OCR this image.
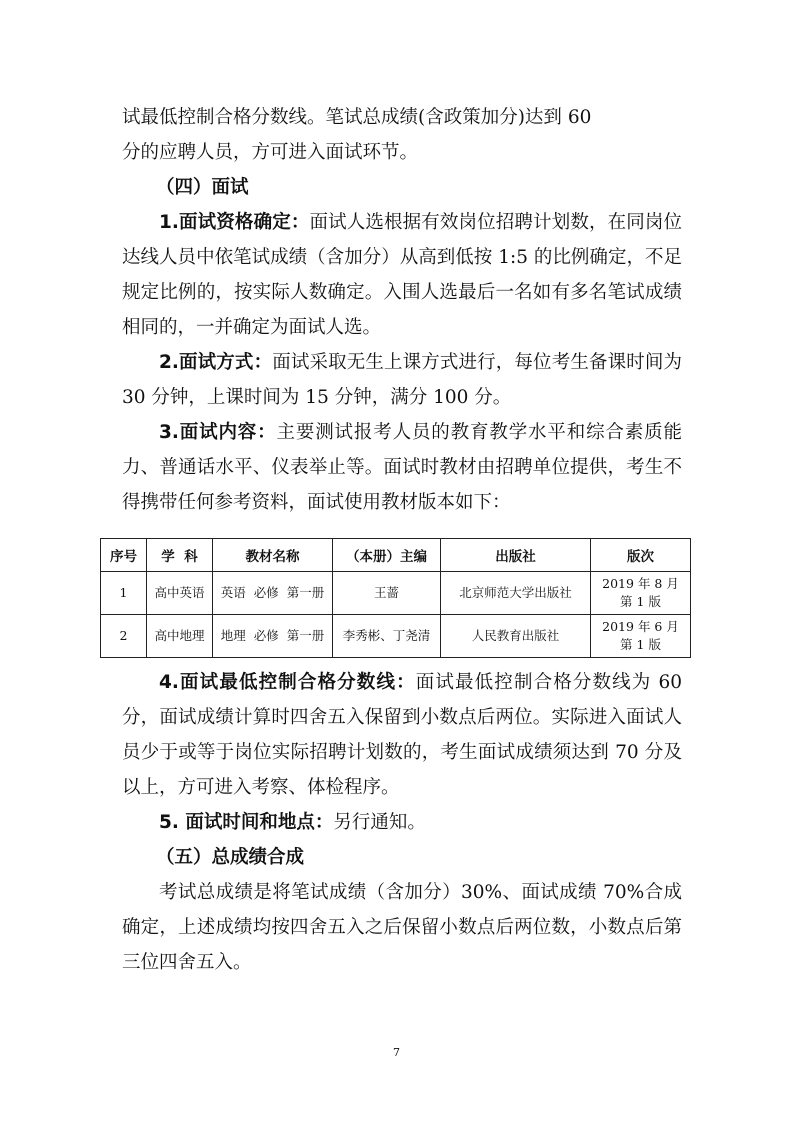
试最低控制合格分数线。笔试总成绩(含政策加分)达到 60

分的应聘人员，方可进入面试环节。

（四）面试

1.面试资格确定：面试人选根据有效岗位招聘计划数，在同岗位达线人员中依笔试成绩（含加分）从高到低按 1:5 的比例确定，不足规定比例的，按实际人数确定。入围人选最后一名如有多名笔试成绩相同的，一并确定为面试人选。

2.面试方式：面试采取无生上课方式进行，每位考生备课时间为 30 分钟，上课时间为 15 分钟，满分 100 分。

3.面试内容：主要测试报考人员的教育教学水平和综合素质能力、普通话水平、仪表举止等。面试时教材由招聘单位提供，考生不得携带任何参考资料，面试使用教材版本如下：

序号	学  科	教材名称	（本册）主编	出版社	版次
1	高中英语	英语  必修  第一册	王蔷	北京师范大学出版社	2019 年 8 月
第 1 版

2	高中地理	地理  必修  第一册	李秀彬、丁尧清	人民教育出版社	2019 年 6 月
第 1 版

4.面试最低控制合格分数线：面试最低控制合格分数线为 60 分，面试成绩计算时四舍五入保留到小数点后两位。实际进入面试人员少于或等于岗位实际招聘计划数的，考生面试成绩须达到 70 分及以上，方可进入考察、体检程序。

5. 面试时间和地点：另行通知。

（五）总成绩合成

考试总成绩是将笔试成绩（含加分）30%、面试成绩 70%合成确定，上述成绩均按四舍五入之后保留小数点后两位数，小数点后第三位四舍五入。

7
